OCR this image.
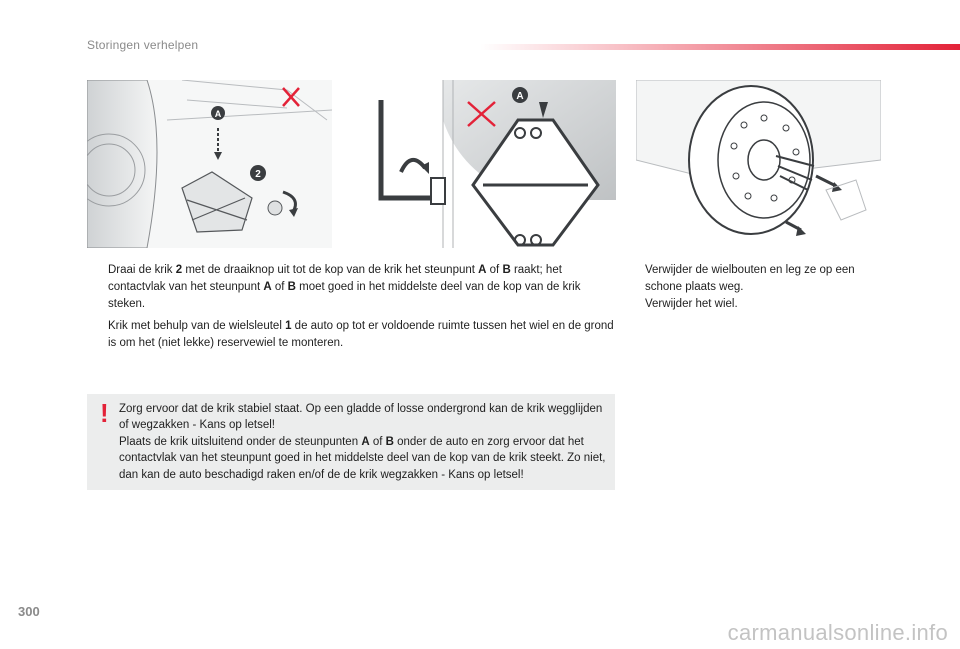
Storingen verhelpen
A
2
A
Draai de krik 2 met de draaiknop uit tot de kop van de krik het steunpunt A of B raakt; het contactvlak van het steunpunt A of B moet goed in het middelste deel van de kop van de krik steken.
Krik met behulp van de wielsleutel 1 de auto op tot er voldoende ruimte tussen het wiel en de grond is om het (niet lekke) reservewiel te monteren.
Verwijder de wielbouten en leg ze op een schone plaats weg.
Verwijder het wiel.
! Zorg ervoor dat de krik stabiel staat. Op een gladde of losse ondergrond kan de krik wegglijden of wegzakken - Kans op letsel!
Plaats de krik uitsluitend onder de steunpunten A of B onder de auto en zorg ervoor dat het contactvlak van het steunpunt goed in het middelste deel van de kop van de krik steekt. Zo niet, dan kan de auto beschadigd raken en/of de de krik wegzakken - Kans op letsel!
300
carmanualsonline.info
